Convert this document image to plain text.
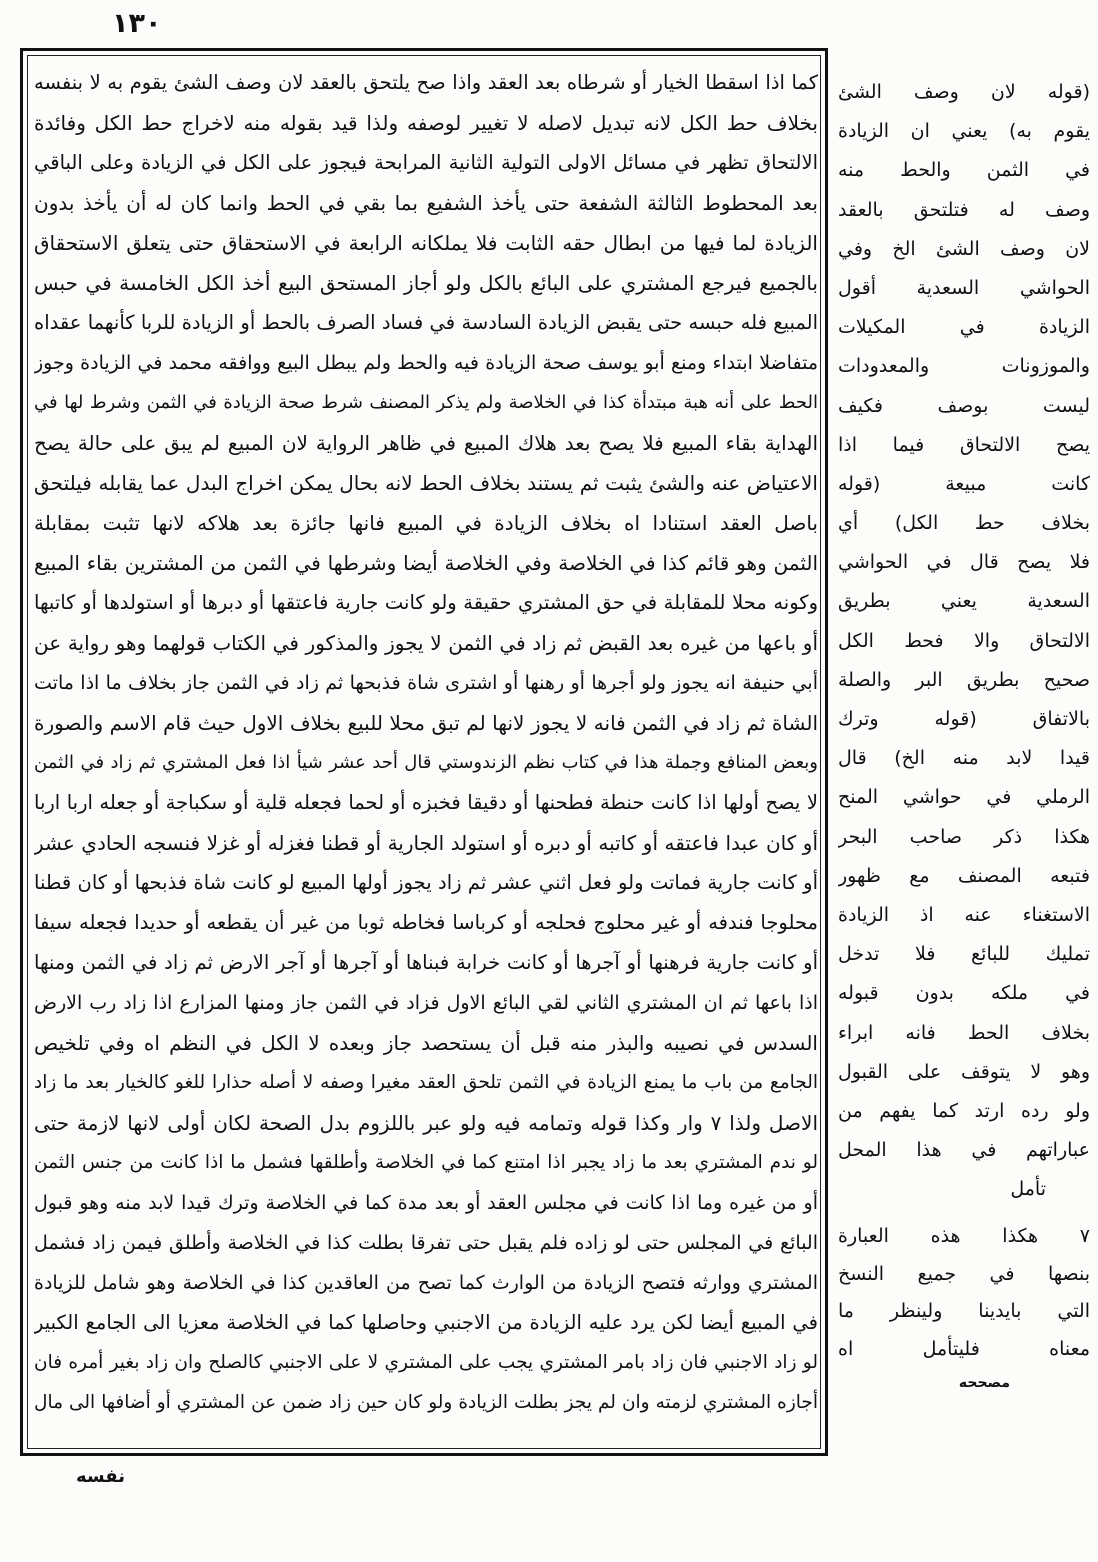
١٣٠
كما اذا اسقطا الخيار أو شرطاه بعد العقد واذا صح يلتحق بالعقد لان وصف الشئ يقوم به لا بنفسه
بخلاف حط الكل لانه تبديل لاصله لا تغيير لوصفه ولذا قيد بقوله منه لاخراج حط الكل وفائدة
الالتحاق تظهر في مسائل الاولى التولية الثانية المرابحة فيجوز على الكل في الزيادة وعلى الباقي
بعد المحطوط الثالثة الشفعة حتى يأخذ الشفيع بما بقي في الحط وانما كان له أن يأخذ بدون
الزيادة لما فيها من ابطال حقه الثابت فلا يملكانه الرابعة في الاستحقاق حتى يتعلق الاستحقاق
بالجميع فيرجع المشتري على البائع بالكل ولو أجاز المستحق البيع أخذ الكل الخامسة في حبس
المبيع فله حبسه حتى يقبض الزيادة السادسة في فساد الصرف بالحط أو الزيادة للربا كأنهما عقداه
متفاضلا ابتداء ومنع أبو يوسف صحة الزيادة فيه والحط ولم يبطل البيع ووافقه محمد في الزيادة وجوز
الحط على أنه هبة مبتدأة كذا في الخلاصة ولم يذكر المصنف شرط صحة الزيادة في الثمن وشرط لها في
الهداية بقاء المبيع فلا يصح بعد هلاك المبيع في ظاهر الرواية لان المبيع لم يبق على حالة يصح
الاعتياض عنه والشئ يثبت ثم يستند بخلاف الحط لانه بحال يمكن اخراج البدل عما يقابله فيلتحق
باصل العقد استنادا اه بخلاف الزيادة في المبيع فانها جائزة بعد هلاكه لانها تثبت بمقابلة
الثمن وهو قائم كذا في الخلاصة وفي الخلاصة أيضا وشرطها في الثمن من المشترين بقاء المبيع
وكونه محلا للمقابلة في حق المشتري حقيقة ولو كانت جارية فاعتقها أو دبرها أو استولدها أو كاتبها
أو باعها من غيره بعد القبض ثم زاد في الثمن لا يجوز والمذكور في الكتاب قولهما وهو رواية عن
أبي حنيفة انه يجوز ولو أجرها أو رهنها أو اشترى شاة فذبحها ثم زاد في الثمن جاز بخلاف ما اذا ماتت
الشاة ثم زاد في الثمن فانه لا يجوز لانها لم تبق محلا للبيع بخلاف الاول حيث قام الاسم والصورة
وبعض المنافع وجملة هذا في كتاب نظم الزندوستي قال أحد عشر شيأ اذا فعل المشتري ثم زاد في الثمن
لا يصح أولها اذا كانت حنطة فطحنها أو دقيقا فخبزه أو لحما فجعله قلية أو سكباجة أو جعله اربا اربا
أو كان عبدا فاعتقه أو كاتبه أو دبره أو استولد الجارية أو قطنا فغزله أو غزلا فنسجه الحادي عشر
أو كانت جارية فماتت ولو فعل اثني عشر ثم زاد يجوز أولها المبيع لو كانت شاة فذبحها أو كان قطنا
محلوجا فندفه أو غير محلوج فحلجه أو كرباسا فخاطه ثوبا من غير أن يقطعه أو حديدا فجعله سيفا
أو كانت جارية فرهنها أو آجرها أو كانت خرابة فبناها أو آجرها أو آجر الارض ثم زاد في الثمن ومنها
اذا باعها ثم ان المشتري الثاني لقي البائع الاول فزاد في الثمن جاز ومنها المزارع اذا زاد رب الارض
السدس في نصيبه والبذر منه قبل أن يستحصد جاز وبعده لا الكل في النظم اه وفي تلخيص
الجامع من باب ما يمنع الزيادة في الثمن تلحق العقد مغيرا وصفه لا أصله حذارا للغو كالخيار بعد ما زاد
الاصل ولذا ٧ وار وكذا قوله وتمامه فيه ولو عبر باللزوم بدل الصحة لكان أولى لانها لازمة حتى
لو ندم المشتري بعد ما زاد يجبر اذا امتنع كما في الخلاصة وأطلقها فشمل ما اذا كانت من جنس الثمن
أو من غيره وما اذا كانت في مجلس العقد أو بعد مدة كما في الخلاصة وترك قيدا لابد منه وهو قبول
البائع في المجلس حتى لو زاده فلم يقبل حتى تفرقا بطلت كذا في الخلاصة وأطلق فيمن زاد فشمل
المشتري ووارثه فتصح الزيادة من الوارث كما تصح من العاقدين كذا في الخلاصة وهو شامل للزيادة
في المبيع أيضا لكن يرد عليه الزيادة من الاجنبي وحاصلها كما في الخلاصة معزيا الى الجامع الكبير
لو زاد الاجنبي فان زاد بامر المشتري يجب على المشتري لا على الاجنبي كالصلح وان زاد بغير أمره فان
أجازه المشتري لزمته وان لم يجز بطلت الزيادة ولو كان حين زاد ضمن عن المشتري أو أضافها الى مال
(قوله لان وصف الشئ
يقوم به) يعني ان الزيادة
في الثمن والحط منه
وصف له فتلتحق بالعقد
لان وصف الشئ الخ وفي
الحواشي السعدية أقول
الزيادة في المكيلات
والموزونات والمعدودات
ليست بوصف فكيف
يصح الالتحاق فيما اذا
كانت مبيعة (قوله
بخلاف حط الكل) أي
فلا يصح قال في الحواشي
السعدية يعني بطريق
الالتحاق والا فحط الكل
صحيح بطريق البر والصلة
بالاتفاق (قوله وترك
قيدا لابد منه الخ) قال
الرملي في حواشي المنح
هكذا ذكر صاحب البحر
فتبعه المصنف مع ظهور
الاستغناء عنه اذ الزيادة
تمليك للبائع فلا تدخل
في ملكه بدون قبوله
بخلاف الحط فانه ابراء
وهو لا يتوقف على القبول
ولو رده ارتد كما يفهم من
عباراتهم في هذا المحل
تأمل
٧ هكذا هذه العبارة
بنصها في جميع النسخ
التي بايدينا ولينظر ما
معناه فليتأمل اه
مصححه
نفسه
